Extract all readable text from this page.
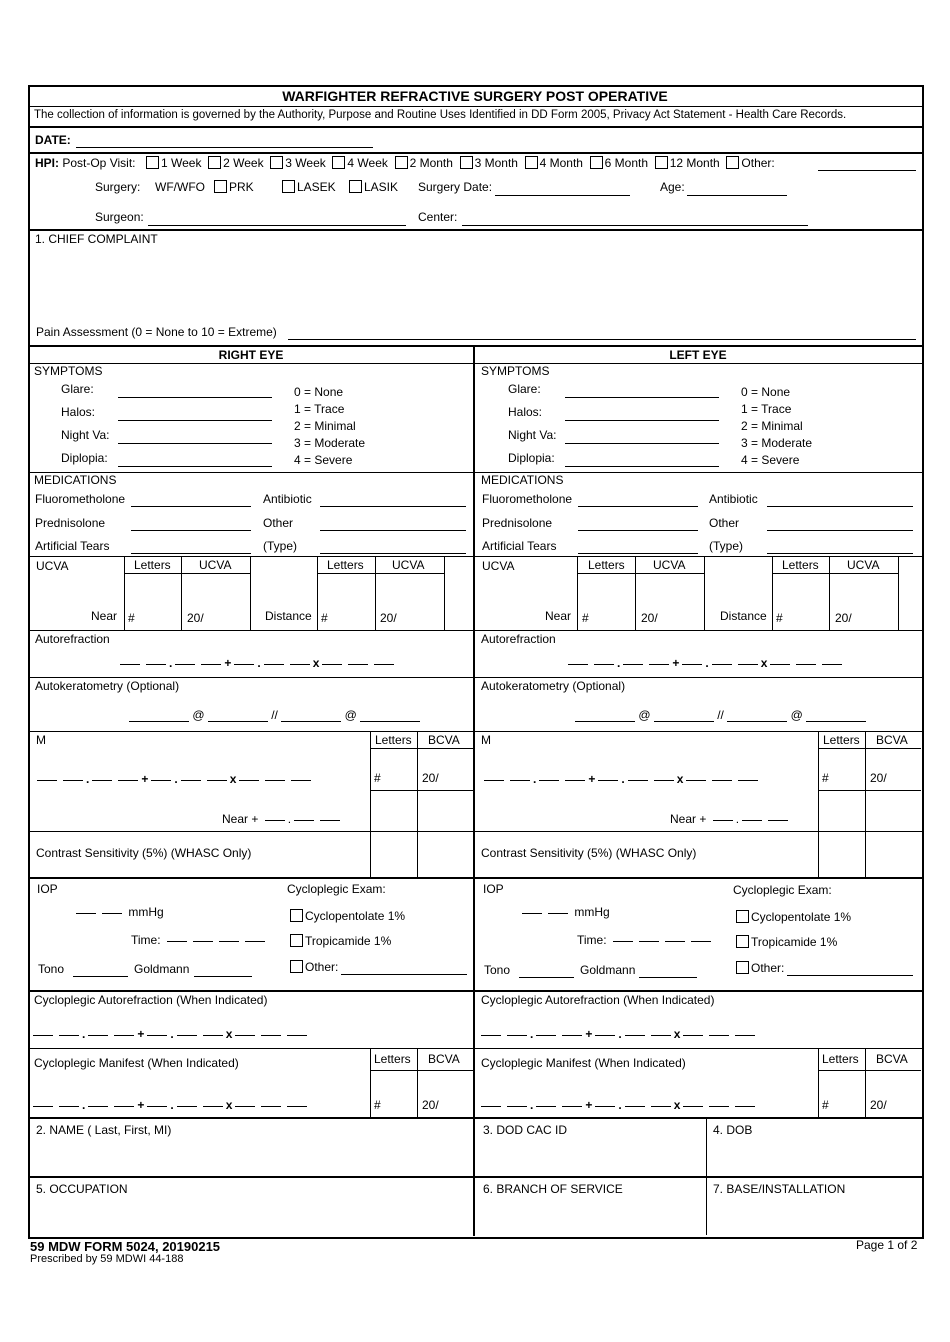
WARFIGHTER REFRACTIVE SURGERY POST OPERATIVE
The collection of information is governed by the Authority, Purpose and Routine Uses Identified in DD Form 2005, Privacy Act Statement - Health Care Records.
DATE:
HPI: Post-Op Visit:	1 Week 2 Week 3 Week 4 Week 2 Month 3 Month 4 Month 6 Month 12 Month Other:
Surgery: WF/WFO	PRK	LASEK	LASIK Surgery Date:	Age:
Surgeon:	Center:
1. CHIEF COMPLAINT
Pain Assessment (0 = None to 10 = Extreme)
RIGHT EYE	LEFT EYE
SYMPTOMS
Glare:
Halos:
Night Va:
Diplopia:
0 = None
1 = Trace
2 = Minimal
3 = Moderate
4 = Severe
SYMPTOMS
Glare:
Halos:
Night Va:
Diplopia:
0 = None
1 = Trace
2 = Minimal
3 = Moderate
4 = Severe
MEDICATIONS
Fluorometholone	Antibiotic
Prednisolone	Other
Artificial Tears	(Type)
MEDICATIONS
Fluorometholone	Antibiotic
Prednisolone	Other
Artificial Tears	(Type)
UCVA	Letters UCVA	Letters UCVA
Near #	20/	Distance #	20/
UCVA	Letters UCVA	Letters UCVA
Near #	20/	Distance #	20/
Autorefraction
.	+ .	x
Autorefraction
.	+ .	x
Autokeratometry (Optional)
@	//	@
Autokeratometry (Optional)
@	//	@
M	Letters BCVA
.	+ .	x	#	20/
Near + .
M	Letters BCVA
.	+ .	x	#	20/
Near + .
Contrast Sensitivity (5%) (WHASC Only)	Contrast Sensitivity (5%) (WHASC Only)
IOP
mmHg
Time:
Tono	Goldmann
Cycloplegic Exam:
Cyclopentolate 1%
Tropicamide 1%
Other:
IOP
mmHg
Time:
Tono	Goldmann
Cycloplegic Exam:
Cyclopentolate 1%
Tropicamide 1%
Other:
Cycloplegic Autorefraction (When Indicated)
.	+ .	x
Cycloplegic Autorefraction (When Indicated)
.	+ .	x
Cycloplegic Manifest (When Indicated)	Letters BCVA
.	+ .	x	#	20/
Cycloplegic Manifest (When Indicated)	Letters BCVA
.	+ .	x	#	20/
2. NAME ( Last, First, MI)	3. DOD CAC ID	4. DOB
5. OCCUPATION	6. BRANCH OF SERVICE	7. BASE/INSTALLATION
59 MDW FORM 5024, 20190215
Prescribed by 59 MDWI 44-188
Page 1 of 2
